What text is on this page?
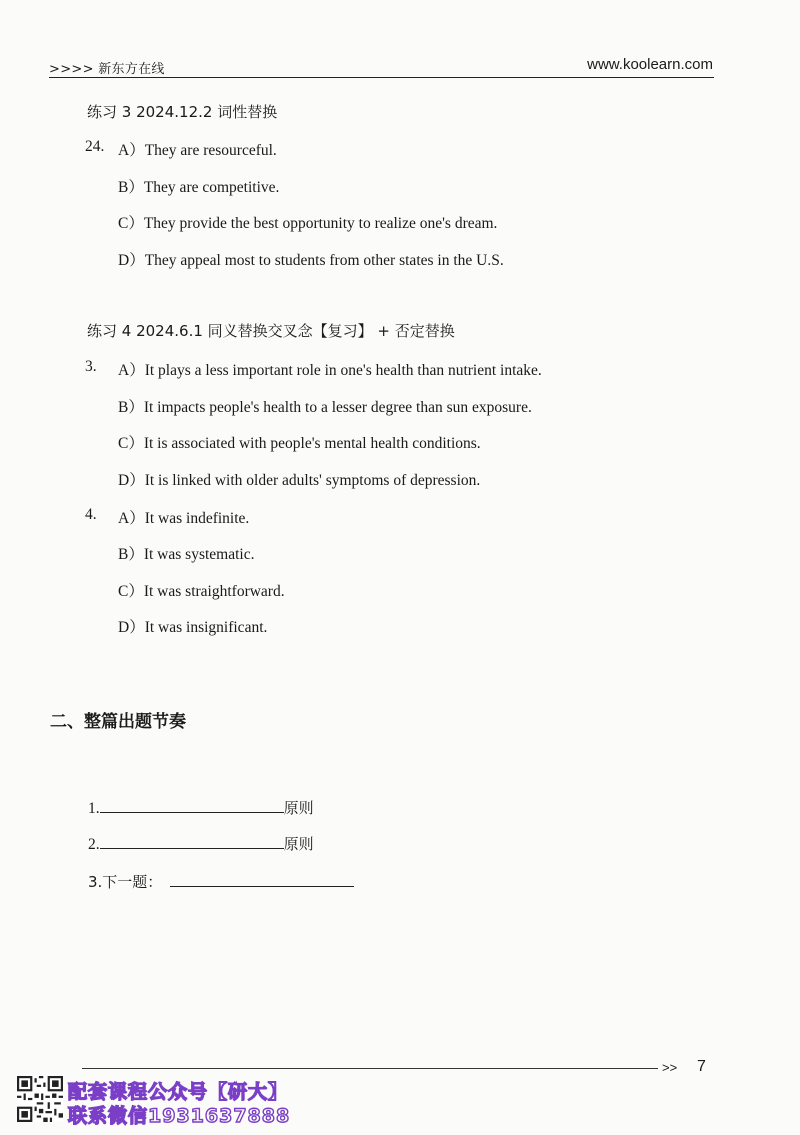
>>>> 新东方在线	www.koolearn.com
练习 3 2024.12.2 词性替换
24. A）They are resourceful.
B）They are competitive.
C）They provide the best opportunity to realize one's dream.
D）They appeal most to students from other states in the U.S.
练习 4 2024.6.1 同义替换交叉念【复习】 + 否定替换
3. A）It plays a less important role in one's health than nutrient intake.
B）It impacts people's health to a lesser degree than sun exposure.
C）It is associated with people's mental health conditions.
D）It is linked with older adults' symptoms of depression.
4. A）It was indefinite.
B）It was systematic.
C）It was straightforward.
D）It was insignificant.
二、整篇出题节奏
1.	原则
2.	原则
3.下一题：
>> 7
配套课程公众号【研大】
联系微信1931637888
